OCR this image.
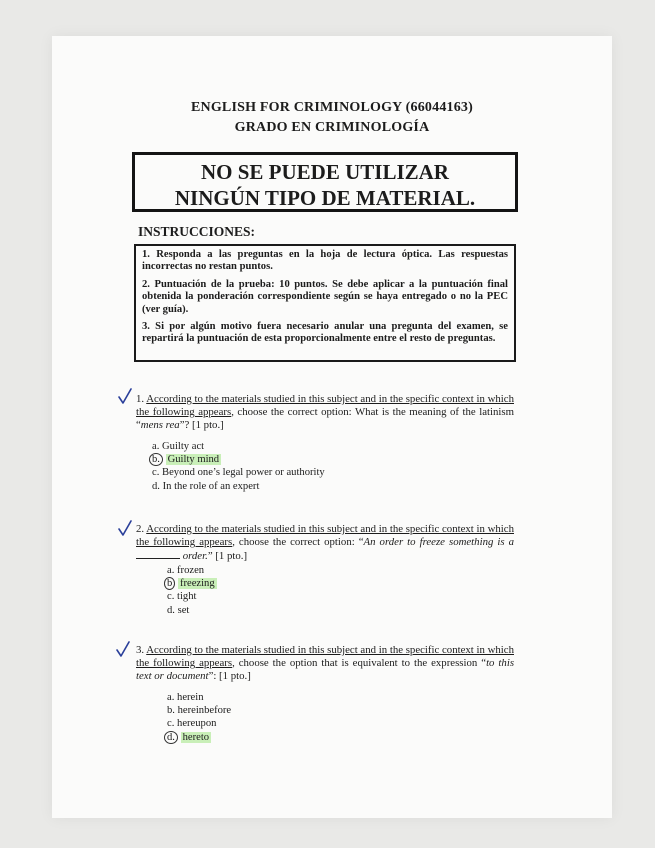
ENGLISH FOR CRIMINOLOGY (66044163)
GRADO EN CRIMINOLOGÍA
NO SE PUEDE UTILIZAR
NINGÚN TIPO DE MATERIAL.
INSTRUCCIONES:

1. Responda a las preguntas en la hoja de lectura óptica. Las respuestas incorrectas no restan puntos.

2. Puntuación de la prueba: 10 puntos. Se debe aplicar a la puntuación final obtenida la ponderación correspondiente según se haya entregado o no la PEC (ver guía).

3. Si por algún motivo fuera necesario anular una pregunta del examen, se repartirá la puntuación de esta proporcionalmente entre el resto de preguntas.

1. According to the materials studied in this subject and in the specific context in which the following appears, choose the correct option: What is the meaning of the latinism “mens rea”? [1 pto.]
a. Guilty act
b. Guilty mind
c. Beyond one’s legal power or authority
d. In the role of an expert
2. According to the materials studied in this subject and in the specific context in which the following appears, choose the correct option: “An order to freeze something is a order.” [1 pto.]
a. frozen
b freezing
c. tight
d. set
3. According to the materials studied in this subject and in the specific context in which the following appears, choose the option that is equivalent to the expression “to this text or document”: [1 pto.]
a. herein
b. hereinbefore
c. hereupon
d. hereto
